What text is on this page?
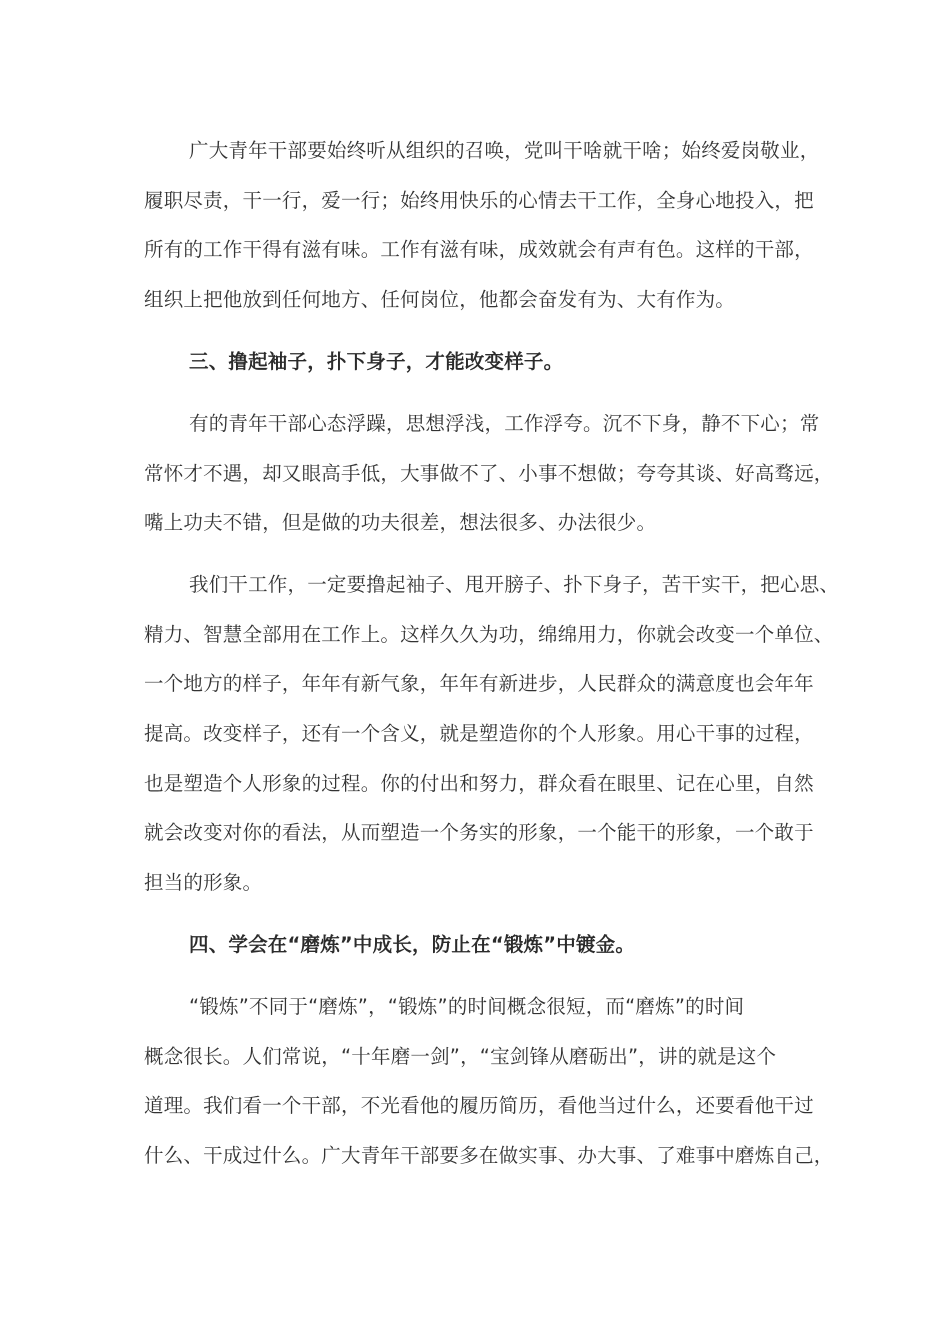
广大青年干部要始终听从组织的召唤，党叫干啥就干啥；始终爱岗敬业，
履职尽责，干一行，爱一行；始终用快乐的心情去干工作，全身心地投入，把
所有的工作干得有滋有味。工作有滋有味，成效就会有声有色。这样的干部，
组织上把他放到任何地方、任何岗位，他都会奋发有为、大有作为。
三、撸起袖子，扑下身子，才能改变样子。
有的青年干部心态浮躁，思想浮浅，工作浮夸。沉不下身，静不下心；常
常怀才不遇，却又眼高手低，大事做不了、小事不想做；夸夸其谈、好高骛远，
嘴上功夫不错，但是做的功夫很差，想法很多、办法很少。
我们干工作，一定要撸起袖子、甩开膀子、扑下身子，苦干实干，把心思、
精力、智慧全部用在工作上。这样久久为功，绵绵用力，你就会改变一个单位、
一个地方的样子，年年有新气象，年年有新进步，人民群众的满意度也会年年
提高。改变样子，还有一个含义，就是塑造你的个人形象。用心干事的过程，
也是塑造个人形象的过程。你的付出和努力，群众看在眼里、记在心里，自然
就会改变对你的看法，从而塑造一个务实的形象，一个能干的形象，一个敢于
担当的形象。
四、学会在“磨炼”中成长，防止在“锻炼”中镀金。
“锻炼”不同于“磨炼”，“锻炼”的时间概念很短，而“磨炼”的时间
概念很长。人们常说，“十年磨一剑”，“宝剑锋从磨砺出”，讲的就是这个
道理。我们看一个干部，不光看他的履历简历，看他当过什么，还要看他干过
什么、干成过什么。广大青年干部要多在做实事、办大事、了难事中磨炼自己，
